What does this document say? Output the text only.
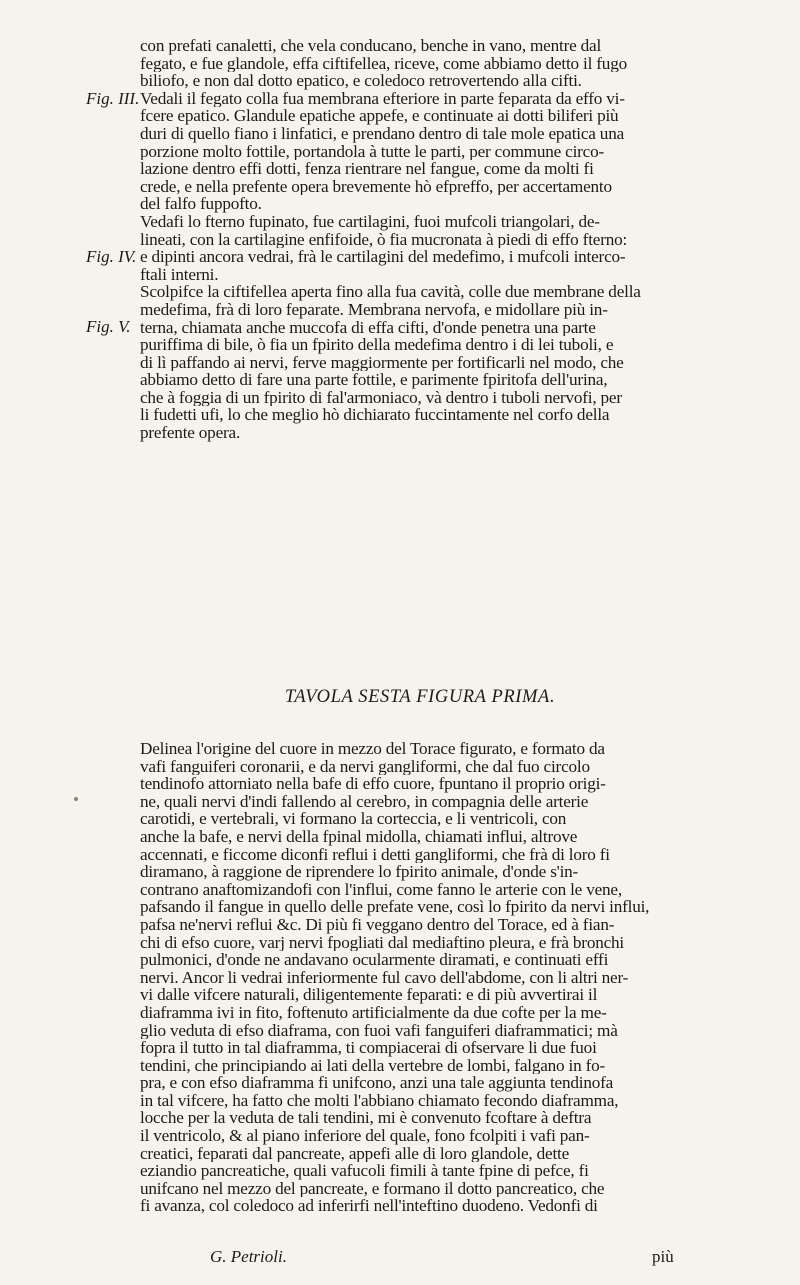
Fig. III.
Fig. IV.
Fig. V.
con prefati canaletti, che vela conducano, benche in vano, mentre dal
fegato, e fue glandole, effa ciftifellea, riceve, come abbiamo detto il fugo
biliofo, e non dal dotto epatico, e coledoco retrovertendo alla cifti.
Vedali il fegato colla fua membrana efteriore in parte feparata da effo vi-
fcere epatico. Glandule epatiche appefe, e continuate ai dotti biliferi più
duri di quello fiano i linfatici, e prendano dentro di tale mole epatica una
porzione molto fottile, portandola à tutte le parti, per commune circo-
lazione dentro effi dotti, fenza rientrare nel fangue, come da molti fi
crede, e nella prefente opera brevemente hò efpreffo, per accertamento
del falfo fuppofto.
Vedafi lo fterno fupinato, fue cartilagini, fuoi mufcoli triangolari, de-
lineati, con la cartilagine enfifoide, ò fia mucronata à piedi di effo fterno:
e dipinti ancora vedrai, frà le cartilagini del medefimo, i mufcoli interco-
ftali interni.
Scolpifce la ciftifellea aperta fino alla fua cavità, colle due membrane della
medefima, frà di loro feparate. Membrana nervofa, e midollare più in-
terna, chiamata anche muccofa di effa cifti, d'onde penetra una parte
puriffima di bile, ò fia un fpirito della medefima dentro i di lei tuboli, e
di lì paffando ai nervi, ferve maggiormente per fortificarli nel modo, che
abbiamo detto di fare una parte fottile, e parimente fpiritofa dell'urina,
che à foggia di un fpirito di fal'armoniaco, và dentro i tuboli nervofi, per
li fudetti ufi, lo che meglio hò dichiarato fuccintamente nel corfo della
prefente opera.
TAVOLA SESTA FIGURA PRIMA.
Delinea l'origine del cuore in mezzo del Torace figurato, e formato da
vafi fanguiferi coronarii, e da nervi gangliformi, che dal fuo circolo
tendinofo attorniato nella bafe di effo cuore, fpuntano il proprio origi-
ne, quali nervi d'indi fallendo al cerebro, in compagnia delle arterie
carotidi, e vertebrali, vi formano la corteccia, e li ventricoli, con
anche la bafe, e nervi della fpinal midolla, chiamati influi, altrove
accennati, e ficcome diconfi reflui i detti gangliformi, che frà di loro fi
diramano, à raggione de riprendere lo fpirito animale, d'onde s'in-
contrano anaftomizandofi con l'influi, come fanno le arterie con le vene,
pafsando il fangue in quello delle prefate vene, così lo fpirito da nervi influi,
pafsa ne'nervi reflui &c. Di più fi veggano dentro del Torace, ed à fian-
chi di efso cuore, varj nervi fpogliati dal mediaftino pleura, e frà bronchi
pulmonici, d'onde ne andavano ocularmente diramati, e continuati effi
nervi. Ancor li vedrai inferiormente ful cavo dell'abdome, con li altri ner-
vi dalle vifcere naturali, diligentemente feparati: e di più avvertirai il
diaframma ivi in fito, foftenuto artificialmente da due cofte per la me-
glio veduta di efso diaframa, con fuoi vafi fanguiferi diaframmatici; mà
fopra il tutto in tal diaframma, ti compiacerai di ofservare li due fuoi
tendini, che principiando ai lati della vertebre de lombi, falgano in fo-
pra, e con efso diaframma fi unifcono, anzi una tale aggiunta tendinofa
in tal vifcere, ha fatto che molti l'abbiano chiamato fecondo diaframma,
locche per la veduta de tali tendini, mi è convenuto fcoftare à deftra
il ventricolo, & al piano inferiore del quale, fono fcolpiti i vafi pan-
creatici, feparati dal pancreate, appefi alle di loro glandole, dette
eziandio pancreatiche, quali vafucoli fimili à tante fpine di pefce, fi
unifcano nel mezzo del pancreate, e formano il dotto pancreatico, che
fi avanza, col coledoco ad inferirfi nell'inteftino duodeno. Vedonfi di
G. Petrioli.	più
